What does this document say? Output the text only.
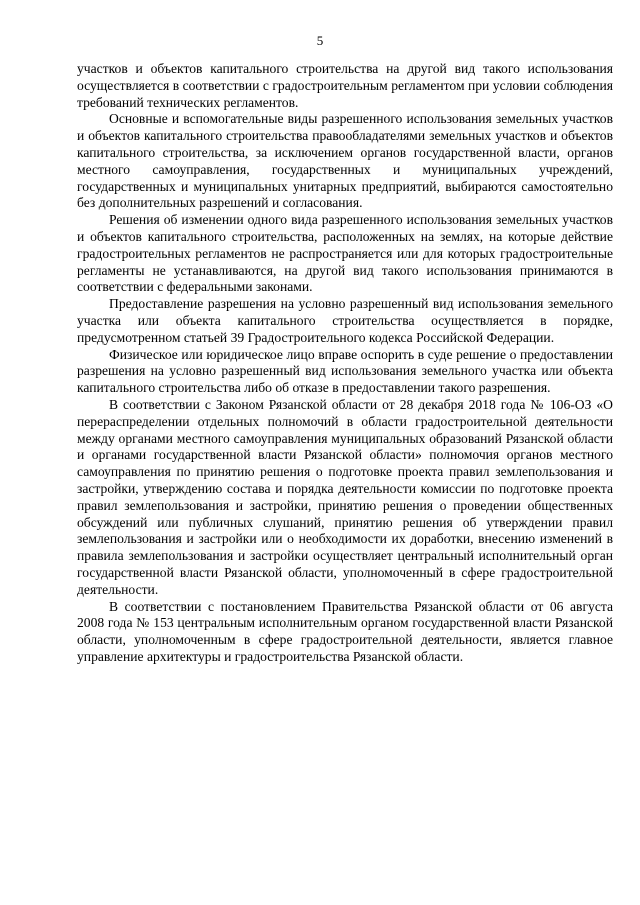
5

участков и объектов капитального строительства на другой вид такого использования осуществляется в соответствии с градостроительным регламентом при условии соблюдения требований технических регламентов.

Основные и вспомогательные виды разрешенного использования земельных участков и объектов капитального строительства правообладателями земельных участков и объектов капитального строительства, за исключением органов государственной власти, органов местного самоуправления, государственных и муниципальных учреждений, государственных и муниципальных унитарных предприятий, выбираются самостоятельно без дополнительных разрешений и согласования.

Решения об изменении одного вида разрешенного использования земельных участков и объектов капитального строительства, расположенных на землях, на которые действие градостроительных регламентов не распространяется или для которых градостроительные регламенты не устанавливаются, на другой вид такого использования принимаются в соответствии с федеральными законами.

Предоставление разрешения на условно разрешенный вид использования земельного участка или объекта капитального строительства осуществляется в порядке, предусмотренном статьей 39 Градостроительного кодекса Российской Федерации.

Физическое или юридическое лицо вправе оспорить в суде решение о предоставлении разрешения на условно разрешенный вид использования земельного участка или объекта капитального строительства либо об отказе в предоставлении такого разрешения.

В соответствии с Законом Рязанской области от 28 декабря 2018 года № 106-ОЗ «О перераспределении отдельных полномочий в области градостроительной деятельности между органами местного самоуправления муниципальных образований Рязанской области и органами государственной власти Рязанской области» полномочия органов местного самоуправления по принятию решения о подготовке проекта правил землепользования и застройки, утверждению состава и порядка деятельности комиссии по подготовке проекта правил землепользования и застройки, принятию решения о проведении общественных обсуждений или публичных слушаний, принятию решения об утверждении правил землепользования и застройки или о необходимости их доработки, внесению изменений в правила землепользования и застройки осуществляет центральный исполнительный орган государственной власти Рязанской области, уполномоченный в сфере градостроительной деятельности.

В соответствии с постановлением Правительства Рязанской области от 06 августа 2008 года № 153 центральным исполнительным органом государственной власти Рязанской области, уполномоченным в сфере градостроительной деятельности, является главное управление архитектуры и градостроительства Рязанской области.
